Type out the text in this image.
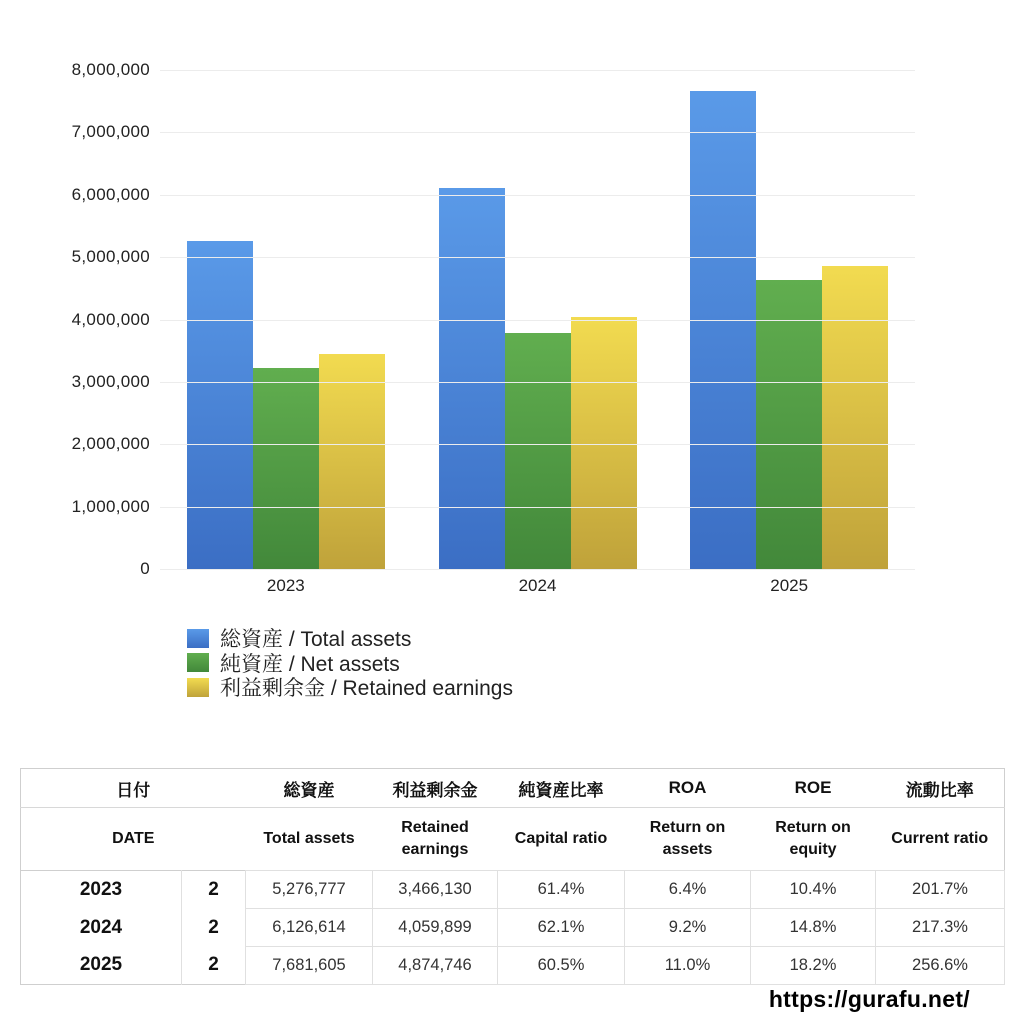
0
1,000,000
2,000,000
3,000,000
4,000,000
5,000,000
6,000,000
7,000,000
8,000,000
2023	2024	2025
総資産 / Total assets
純資産 / Net assets
利益剰余金 / Retained earnings
日付		総資産	利益剰余金	純資産比率	ROA	ROE	流動比率
DATE		Total assets	Retained earnings	Capital ratio	Return on assets	Return on equity	Current ratio
2023	2	5,276,777	3,466,130	61.4%	6.4%	10.4%	201.7%
2024	2	6,126,614	4,059,899	62.1%	9.2%	14.8%	217.3%
2025	2	7,681,605	4,874,746	60.5%	11.0%	18.2%	256.6%
https://gurafu.net/
